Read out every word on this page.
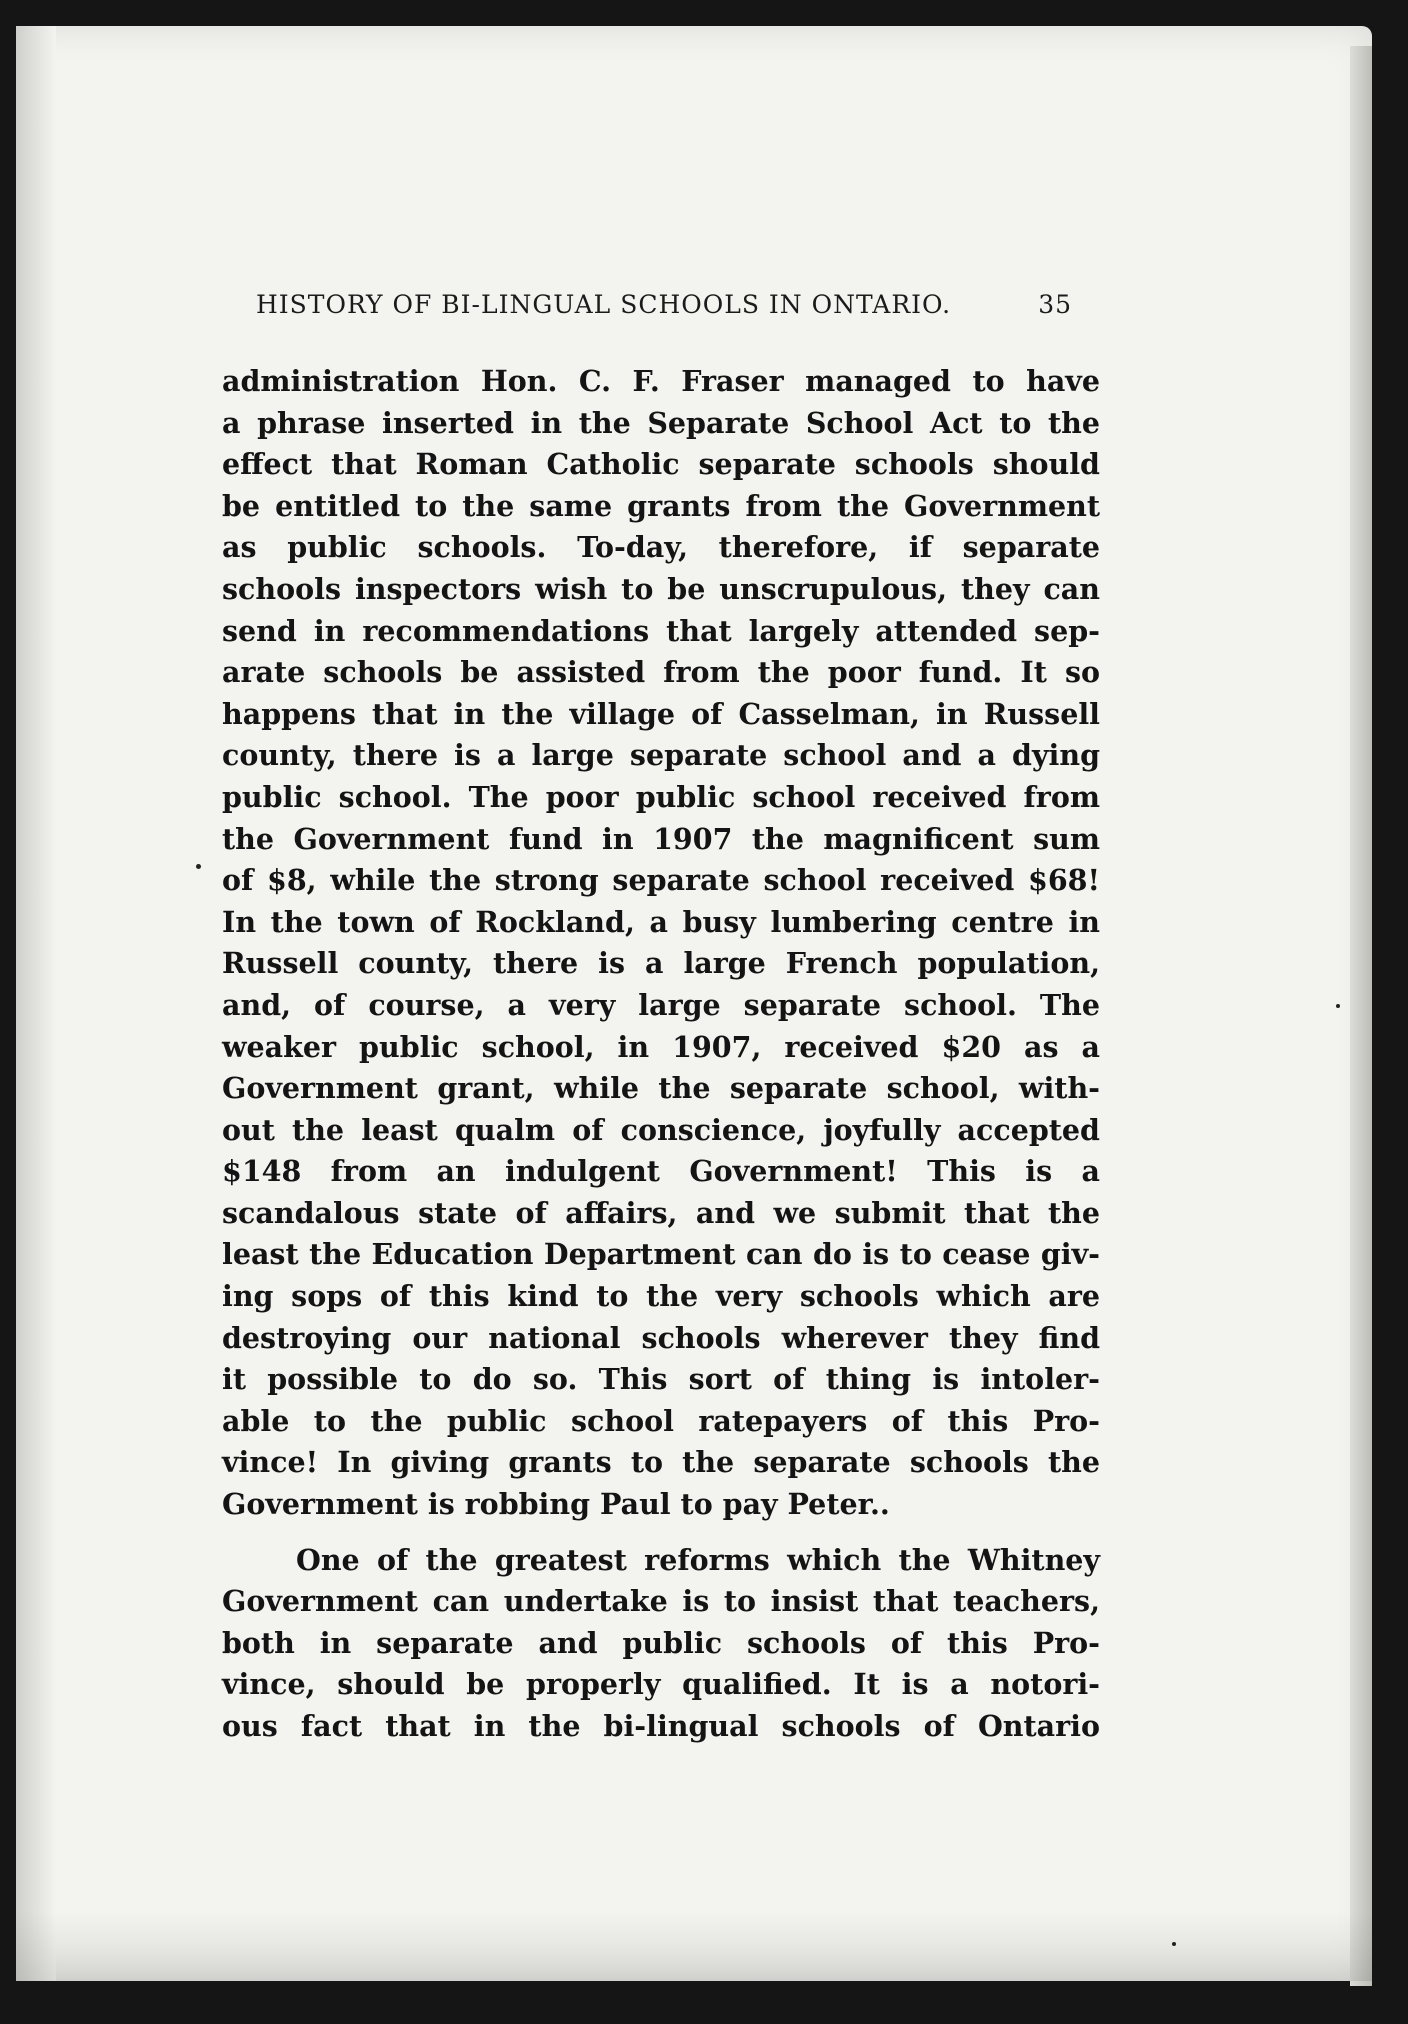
HISTORY OF BI-LINGUAL SCHOOLS IN ONTARIO.	35
administration Hon. C. F. Fraser managed to have
a phrase inserted in the Separate School Act to the
effect that Roman Catholic separate schools should
be entitled to the same grants from the Government
as public schools. To-day, therefore, if separate
schools inspectors wish to be unscrupulous, they can
send in recommendations that largely attended sep-
arate schools be assisted from the poor fund. It so
happens that in the village of Casselman, in Russell
county, there is a large separate school and a dying
public school. The poor public school received from
the Government fund in 1907 the magnificent sum
of $8, while the strong separate school received $68!
In the town of Rockland, a busy lumbering centre in
Russell county, there is a large French population,
and, of course, a very large separate school. The
weaker public school, in 1907, received $20 as a
Government grant, while the separate school, with-
out the least qualm of conscience, joyfully accepted
$148 from an indulgent Government! This is a
scandalous state of affairs, and we submit that the
least the Education Department can do is to cease giv-
ing sops of this kind to the very schools which are
destroying our national schools wherever they find
it possible to do so. This sort of thing is intoler-
able to the public school ratepayers of this Pro-
vince! In giving grants to the separate schools the
Government is robbing Paul to pay Peter..
One of the greatest reforms which the Whitney
Government can undertake is to insist that teachers,
both in separate and public schools of this Pro-
vince, should be properly qualified. It is a notori-
ous fact that in the bi-lingual schools of Ontario
